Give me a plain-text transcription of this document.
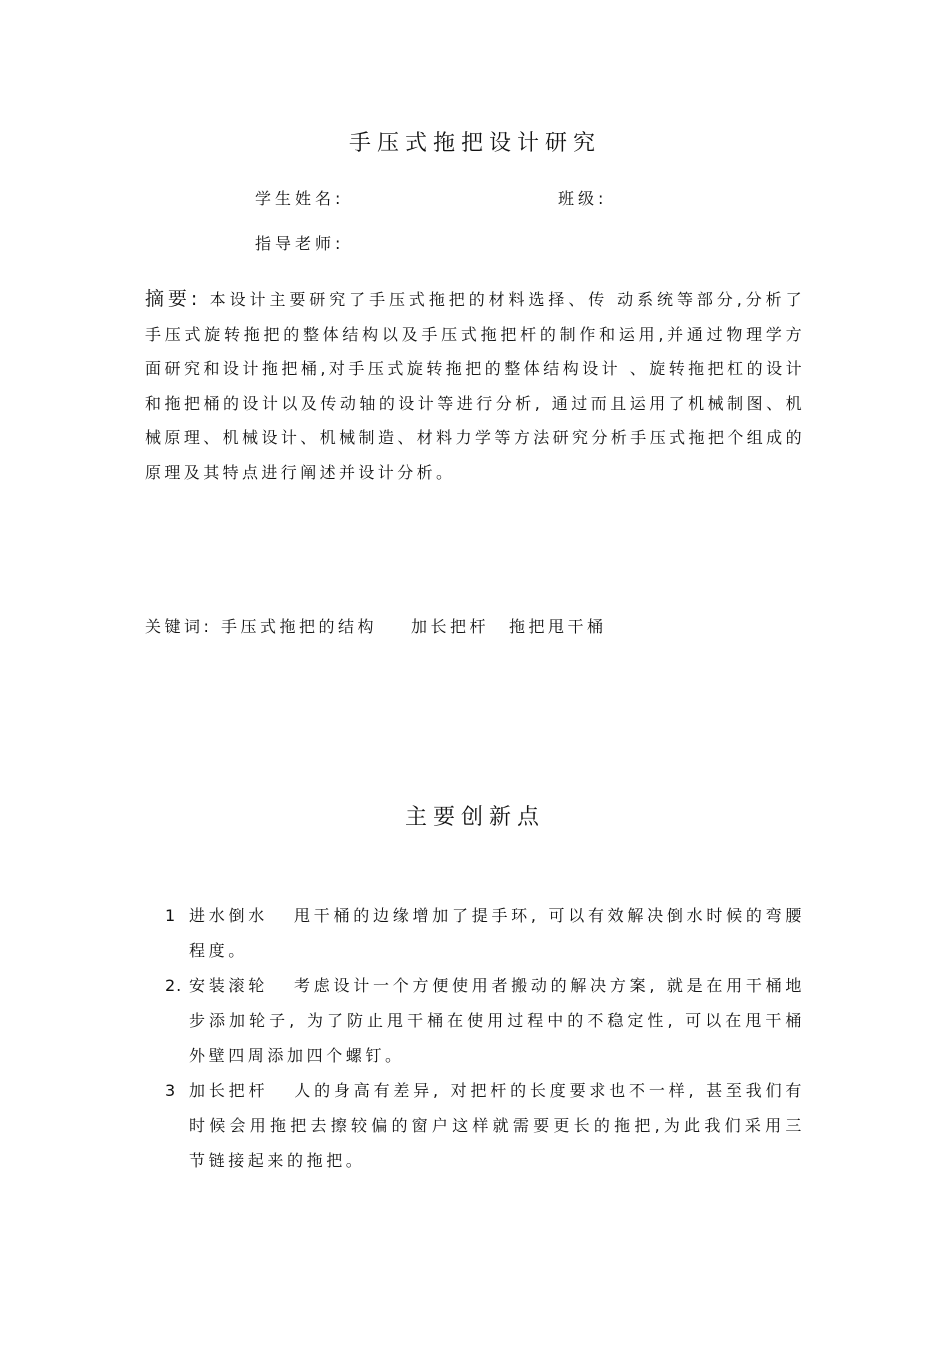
手压式拖把设计研究
学生姓名:	班级:
指导老师:
摘要: 本设计主要研究了手压式拖把的材料选择、传 动系统等部分,分析了手压式旋转拖把的整体结构以及手压式拖把杆的制作和运用,并通过物理学方面研究和设计拖把桶,对手压式旋转拖把的整体结构设计 、旋转拖把杠的设计和拖把桶的设计以及传动轴的设计等进行分析, 通过而且运用了机械制图、机械原理、机械设计、机械制造、材料力学等方法研究分析手压式拖把个组成的原理及其特点进行阐述并设计分析。
关键词: 手压式拖把的结构 加长把杆 拖把甩干桶
主要创新点
1 进水倒水 甩干桶的边缘增加了提手环, 可以有效解决倒水时候的弯腰程度。
2. 安装滚轮 考虑设计一个方便使用者搬动的解决方案, 就是在用干桶地步添加轮子, 为了防止甩干桶在使用过程中的不稳定性, 可以在甩干桶外壁四周添加四个螺钉。
3 加长把杆 人的身高有差异, 对把杆的长度要求也不一样, 甚至我们有时候会用拖把去擦较偏的窗户这样就需要更长的拖把,为此我们采用三节链接起来的拖把。
